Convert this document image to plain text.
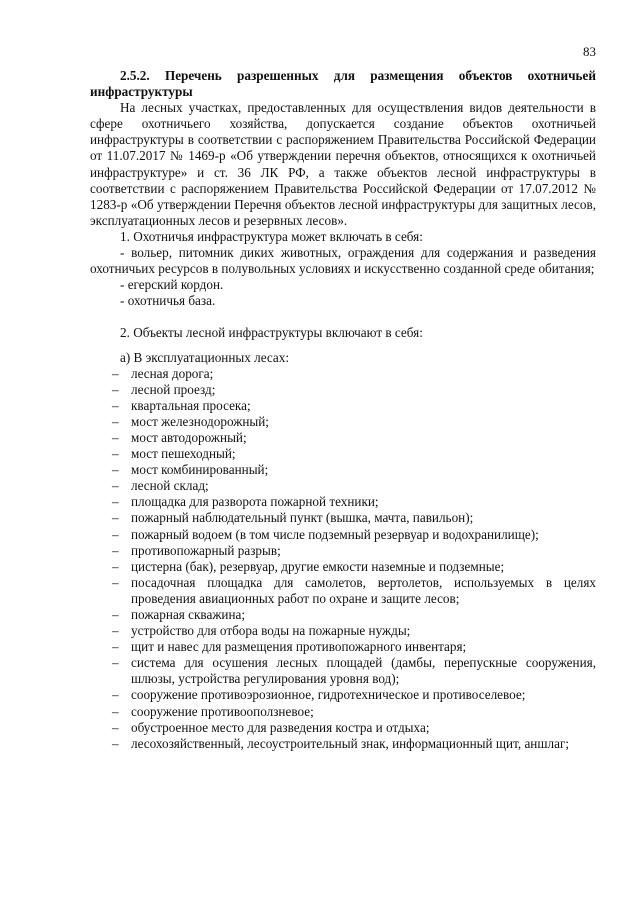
83

2.5.2. Перечень разрешенных для размещения объектов охотничьей инфраструктуры

На лесных участках, предоставленных для осуществления видов деятельности в сфере охотничьего хозяйства, допускается создание объектов охотничьей инфраструктуры в соответствии с распоряжением Правительства Российской Федерации от 11.07.2017 № 1469-р «Об утверждении перечня объектов, относящихся к охотничьей инфраструктуре» и ст. 36 ЛК РФ, а также объектов лесной инфраструктуры в соответствии с распоряжением Правительства Российской Федерации от 17.07.2012 № 1283-р «Об утверждении Перечня объектов лесной инфраструктуры для защитных лесов, эксплуатационных лесов и резервных лесов».

1. Охотничья инфраструктура может включать в себя:

- вольер, питомник диких животных, ограждения для содержания и разведения охотничьих ресурсов в полувольных условиях и искусственно созданной среде обитания;

- егерский кордон.

- охотничья база.

2. Объекты лесной инфраструктуры включают в себя:

а) В эксплуатационных лесах:

– лесная дорога;
– лесной проезд;
– квартальная просека;
– мост железнодорожный;
– мост автодорожный;
– мост пешеходный;
– мост комбинированный;
– лесной склад;
– площадка для разворота пожарной техники;
– пожарный наблюдательный пункт (вышка, мачта, павильон);
– пожарный водоем (в том числе подземный резервуар и водохранилище);
– противопожарный разрыв;
– цистерна (бак), резервуар, другие емкости наземные и подземные;
– посадочная площадка для самолетов, вертолетов, используемых в целях проведения авиационных работ по охране и защите лесов;
– пожарная скважина;
– устройство для отбора воды на пожарные нужды;
– щит и навес для размещения противопожарного инвентаря;
– система для осушения лесных площадей (дамбы, перепускные сооружения, шлюзы, устройства регулирования уровня вод);
– сооружение противоэрозионное, гидротехническое и противоселевое;
– сооружение противооползневое;
– обустроенное место для разведения костра и отдыха;
– лесохозяйственный, лесоустроительный знак, информационный щит, аншлаг;
